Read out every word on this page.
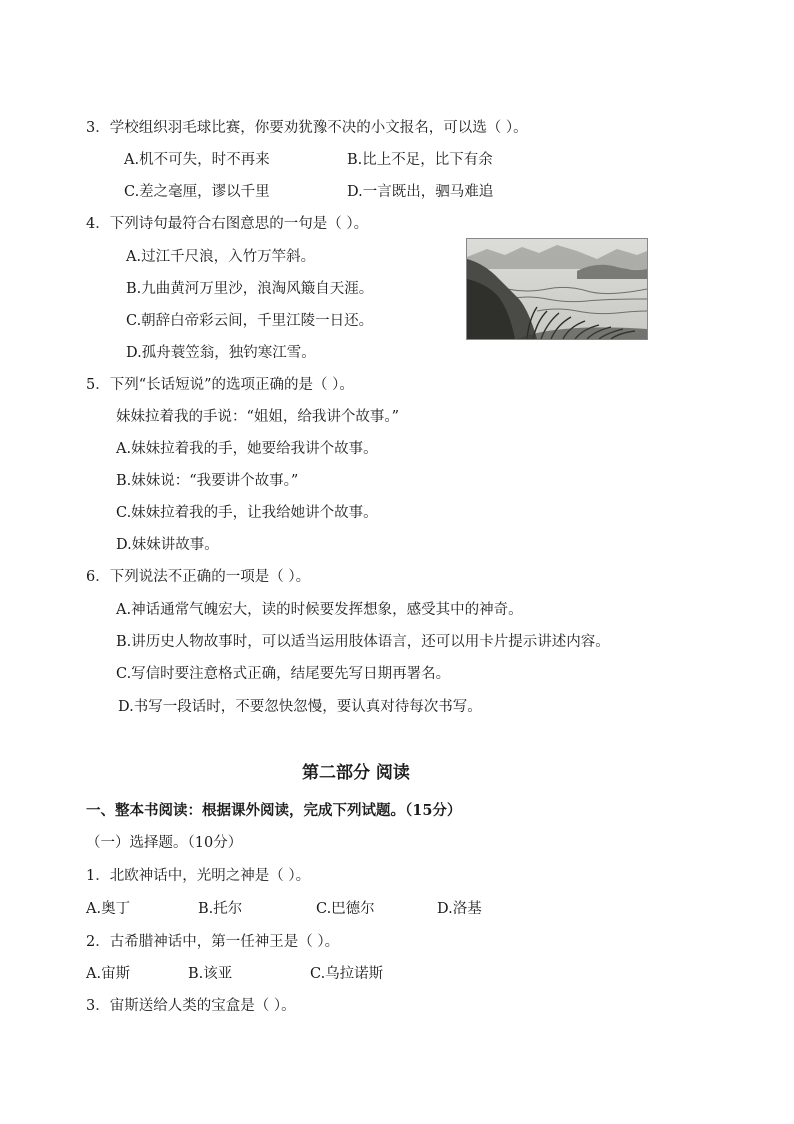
3．学校组织羽毛球比赛，你要劝犹豫不决的小文报名，可以选（ ）。
A.机不可失，时不再来	B.比上不足，比下有余
C.差之毫厘，谬以千里	D.一言既出，驷马难追
4．下列诗句最符合右图意思的一句是（ ）。
A.过江千尺浪，入竹万竿斜。
B.九曲黄河万里沙，浪淘风簸自天涯。
C.朝辞白帝彩云间，千里江陵一日还。
D.孤舟蓑笠翁，独钓寒江雪。
5．下列“长话短说”的选项正确的是（ ）。
妹妹拉着我的手说：“姐姐，给我讲个故事。”
A.妹妹拉着我的手，她要给我讲个故事。
B.妹妹说：“我要讲个故事。”
C.妹妹拉着我的手，让我给她讲个故事。
D.妹妹讲故事。
6．下列说法不正确的一项是（ ）。
A.神话通常气魄宏大，读的时候要发挥想象，感受其中的神奇。
B.讲历史人物故事时，可以适当运用肢体语言，还可以用卡片提示讲述内容。
C.写信时要注意格式正确，结尾要先写日期再署名。
D.书写一段话时，不要忽快忽慢，要认真对待每次书写。
第二部分 阅读
一、整本书阅读：根据课外阅读，完成下列试题。（15分）
（一）选择题。（10分）
1．北欧神话中，光明之神是（ ）。
A.奥丁	B.托尔	C.巴德尔	D.洛基
2．古希腊神话中，第一任神王是（ ）。
A.宙斯	B.该亚	C.乌拉诺斯
3．宙斯送给人类的宝盒是（ ）。
